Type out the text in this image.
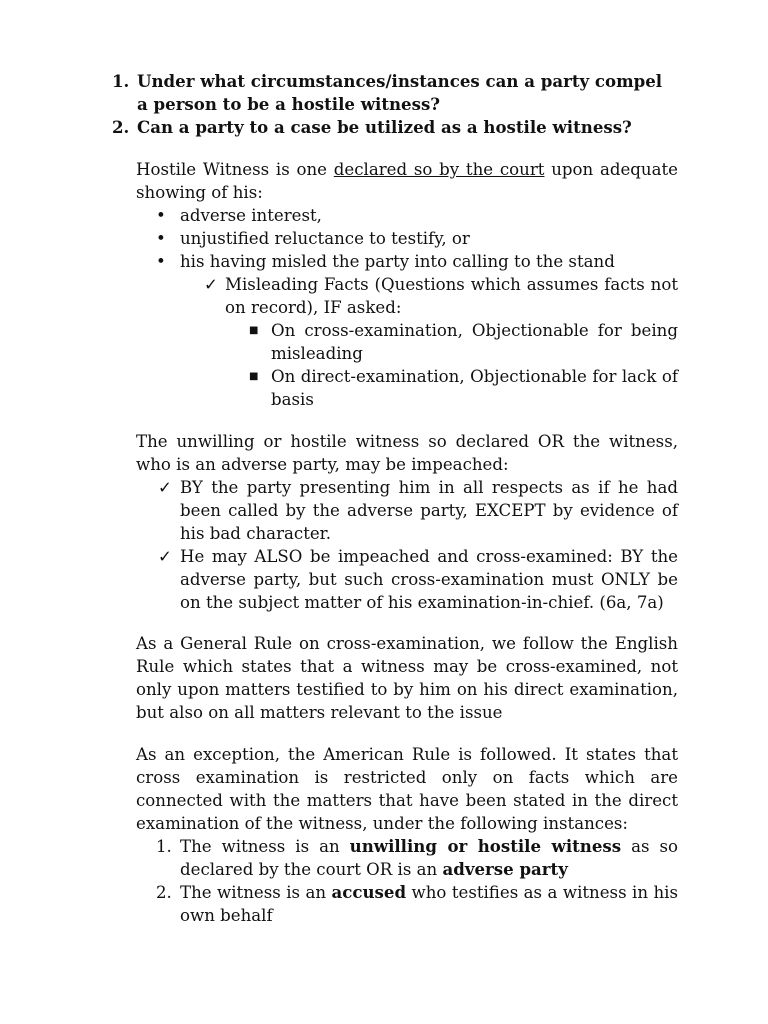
1. Under what circumstances/instances can a party compel a person to be a hostile witness?
2. Can a party to a case be utilized as a hostile witness?

Hostile Witness is one declared so by the court upon adequate showing of his:

• adverse interest,
• unjustified reluctance to testify, or
• his having misled the party into calling to the stand
✓ Misleading Facts (Questions which assumes facts not on record), IF asked:
■ On cross-examination, Objectionable for being misleading
■ On direct-examination, Objectionable for lack of basis

The unwilling or hostile witness so declared OR the witness, who is an adverse party, may be impeached:

✓ BY the party presenting him in all respects as if he had been called by the adverse party, EXCEPT by evidence of his bad character.
✓ He may ALSO be impeached and cross-examined: BY the adverse party, but such cross-examination must ONLY be on the subject matter of his examination-in-chief. (6a, 7a)

As a General Rule on cross-examination, we follow the English Rule which states that a witness may be cross-examined, not only upon matters testified to by him on his direct examination, but also on all matters relevant to the issue

As an exception, the American Rule is followed. It states that cross examination is restricted only on facts which are connected with the matters that have been stated in the direct examination of the witness, under the following instances:

1. The witness is an unwilling or hostile witness as so declared by the court OR is an adverse party
2. The witness is an accused who testifies as a witness in his own behalf
